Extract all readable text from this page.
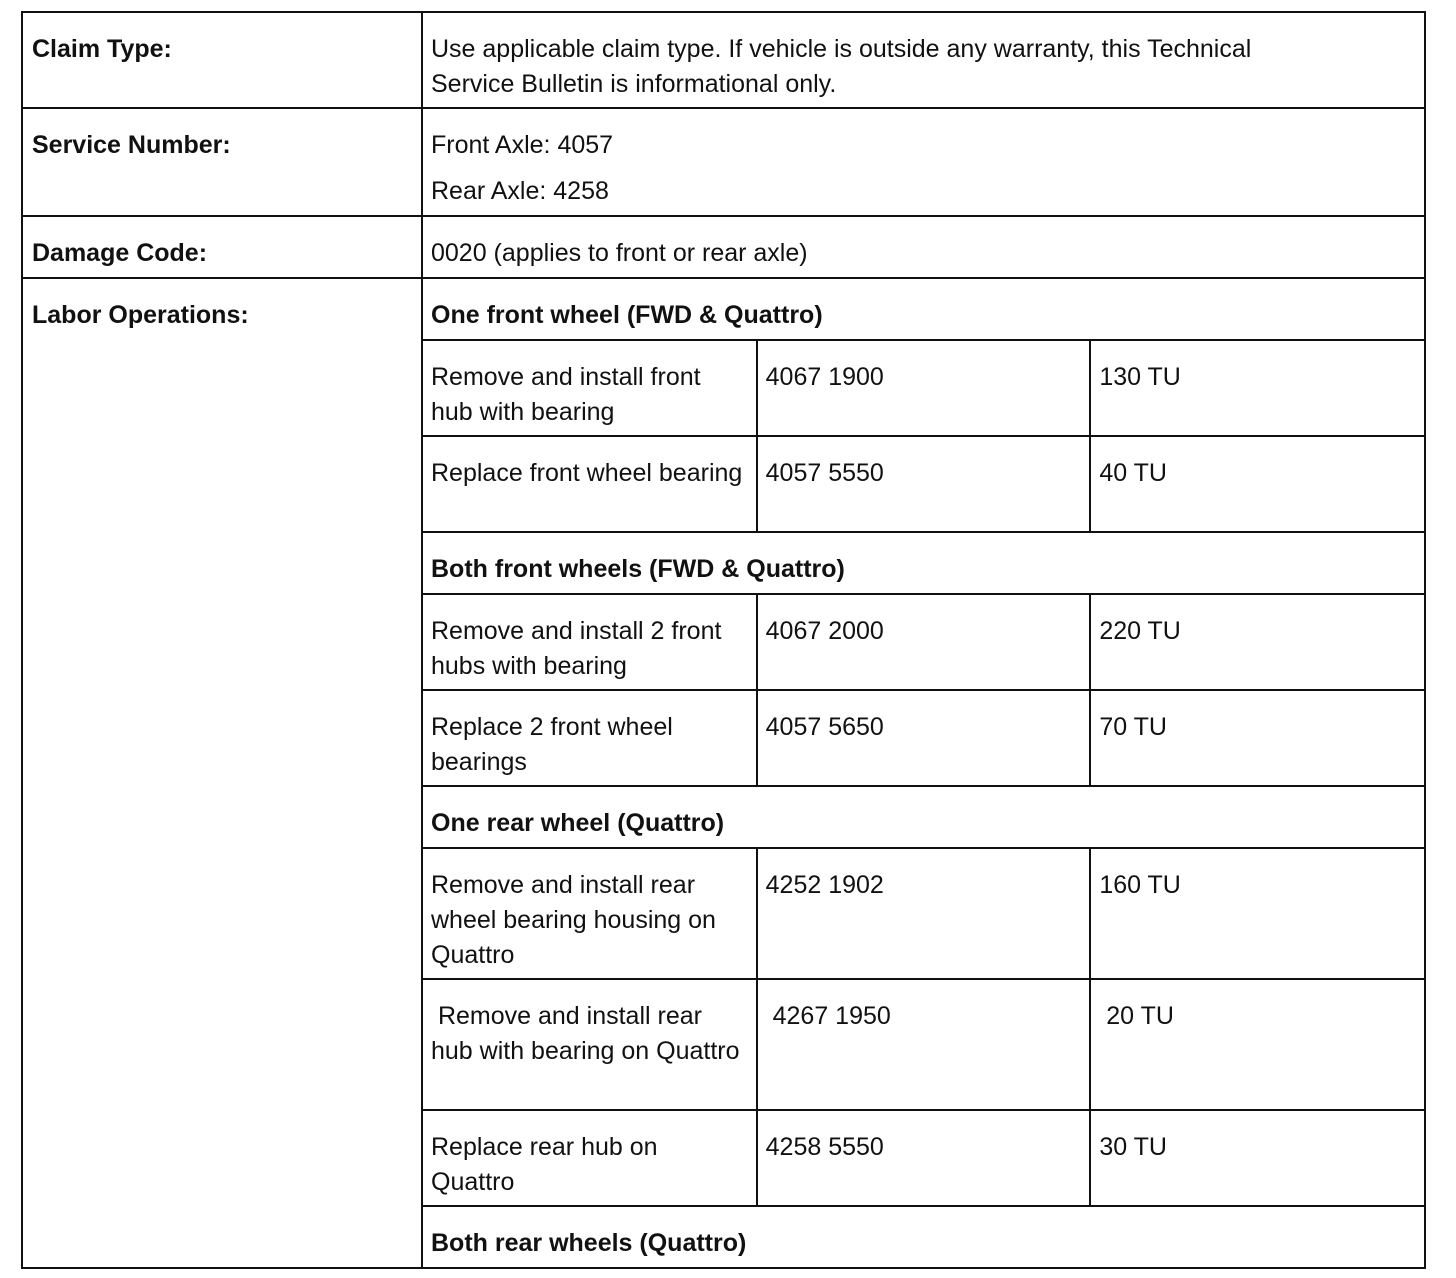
Claim Type:	Use applicable claim type. If vehicle is outside any warranty, this Technical
Service Bulletin is informational only.

Service Number:	Front Axle: 4057
Rear Axle: 4258

Damage Code:	0020 (applies to front or rear axle)
Labor Operations:		One front wheel (FWD & Quattro)
Remove and install front hub with bearing	4067 1900	130 TU
Replace front wheel bearing	4057 5550	40 TU
Both front wheels (FWD & Quattro)
Remove and install 2 front hubs with bearing	4067 2000	220 TU
Replace 2 front wheel bearings	4057 5650	70 TU
One rear wheel (Quattro)
Remove and install rear wheel bearing housing on Quattro	4252 1902	160 TU
Remove and install rear hub with bearing on Quattro	4267 1950	20 TU
Replace rear hub on Quattro	4258 5550	30 TU
Both rear wheels (Quattro)
